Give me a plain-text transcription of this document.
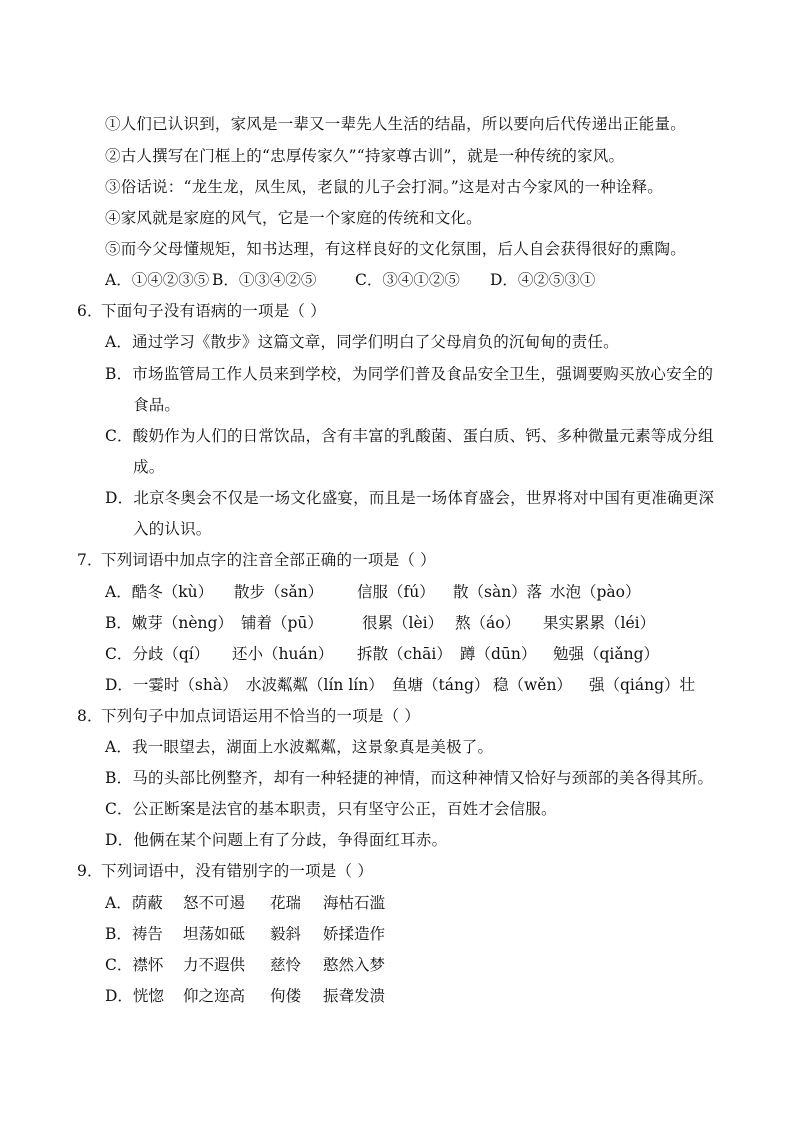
①人们已认识到，家风是一辈又一辈先人生活的结晶，所以要向后代传递出正能量。
②古人撰写在门框上的“忠厚传家久”“持家尊古训”，就是一种传统的家风。
③俗话说：“龙生龙，凤生凤，老鼠的儿子会打洞。”这是对古今家风的一种诠释。
④家风就是家庭的风气，它是一个家庭的传统和文化。
⑤而今父母懂规矩，知书达理，有这样良好的文化氛围，后人自会获得很好的熏陶。
A．①④②③⑤ B．①③④②⑤ C．③④①②⑤ D．④②⑤③①
6．下面句子没有语病的一项是（ ）
A．通过学习《散步》这篇文章，同学们明白了父母肩负的沉甸甸的责任。
B．市场监管局工作人员来到学校，为同学们普及食品安全卫生，强调要购买放心安全的
食品。
C．酸奶作为人们的日常饮品，含有丰富的乳酸菌、蛋白质、钙、多种微量元素等成分组
成。
D．北京冬奥会不仅是一场文化盛宴，而且是一场体育盛会，世界将对中国有更准确更深
入的认识。
7．下列词语中加点字的注音全部正确的一项是（ ）
A．酷冬（kù） 散步（sǎn） 信服（fú） 散（sàn）落 水泡（pào）
B．嫩芽（nèng） 铺着（pū）	很累（lèi） 熬（áo） 果实累累（léi）
C．分歧（qí） 还小（huán） 拆散（chāi） 蹲（dūn） 勉强（qiǎng）
D．一霎时（shà） 水波粼粼（lín lín） 鱼塘（táng） 稳（wěn） 强（qiáng）壮
8．下列句子中加点词语运用不恰当的一项是（ ）
A．我一眼望去，湖面上水波粼粼，这景象真是美极了。
B．马的头部比例整齐，却有一种轻捷的神情，而这种神情又恰好与颈部的美各得其所。
C．公正断案是法官的基本职责，只有坚守公正，百姓才会信服。
D．他俩在某个问题上有了分歧，争得面红耳赤。
9．下列词语中，没有错别字的一项是（ ）
A．荫蔽 怒不可遏 花瑞 海枯石滥
B．祷告 坦荡如砥 毅斜 娇揉造作
C．襟怀 力不遐供 慈怜 憨然入梦
D．恍惚 仰之迩高 佝偻 振聋发溃
